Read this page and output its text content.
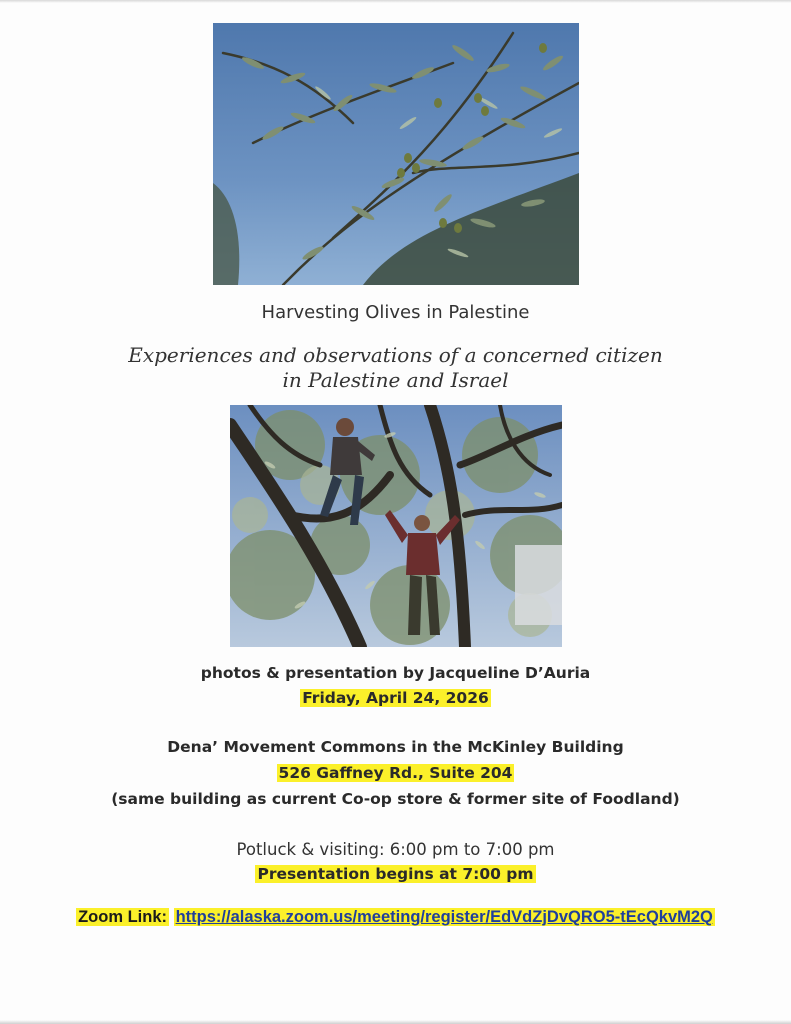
Harvesting Olives in Palestine
Experiences and observations of a concerned citizen
in Palestine and Israel
photos & presentation by Jacqueline D’Auria
Friday, April 24, 2026
Dena’ Movement Commons in the McKinley Building
526 Gaffney Rd., Suite 204
(same building as current Co-op store & former site of Foodland)
Potluck & visiting: 6:00 pm to 7:00 pm
Presentation begins at 7:00 pm
Zoom Link: https://alaska.zoom.us/meeting/register/EdVdZjDvQRO5-tEcQkvM2Q
